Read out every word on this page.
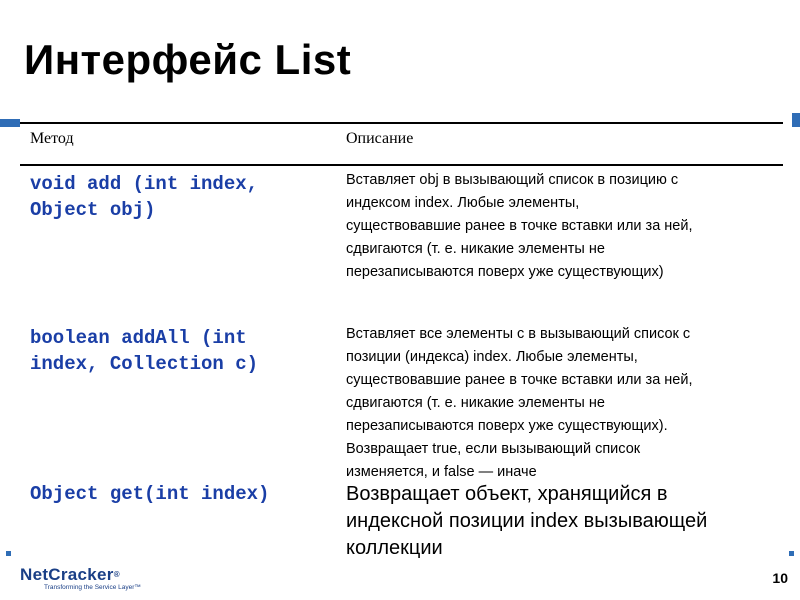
Интерфейс List
Метод	Описание
void add (int index,
Object obj)
Вставляет obj в вызывающий список в позицию с
индексом index. Любые элементы,
существовавшие ранее в точке вставки или за ней,
сдвигаются (т. е. никакие элементы не
перезаписываются поверх уже существующих)
boolean addAll (int
index, Collection c)
Вставляет все элементы с в вызывающий список с
позиции (индекса) index. Любые элементы,
существовавшие ранее в точке вставки или за ней,
сдвигаются (т. е. никакие элементы не
перезаписываются поверх уже существующих).
Возвращает true, если вызывающий список
изменяется, и false — иначе
Object get(int index)	Возвращает объект, хранящийся в
индексной позиции index вызывающей
коллекции
NetCracker®
Transforming the Service Layer™
10
